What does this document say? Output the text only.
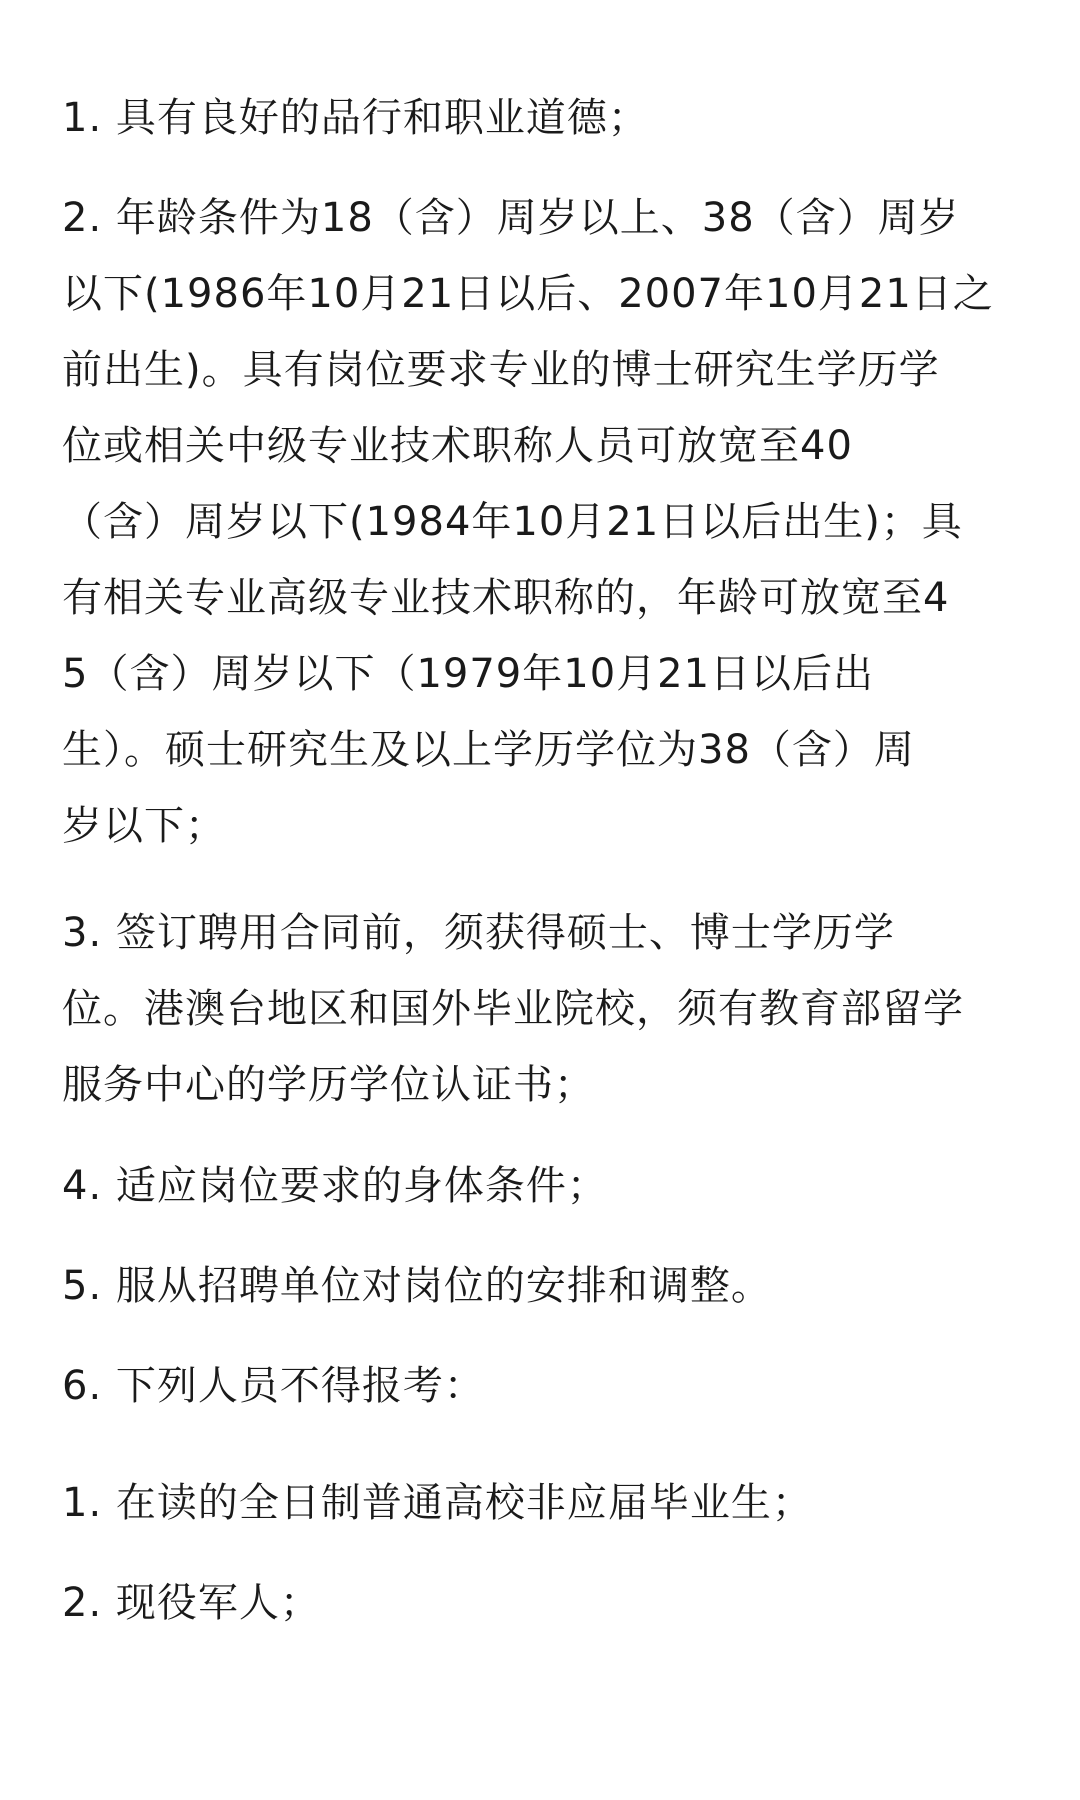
1. 具有良好的品行和职业道德；
2. 年龄条件为18（含）周岁以上、38（含）周岁
以下(1986年10月21日以后、2007年10月21日之
前出生)。具有岗位要求专业的博士研究生学历学
位或相关中级专业技术职称人员可放宽至40
（含）周岁以下(1984年10月21日以后出生)；具
有相关专业高级专业技术职称的，年龄可放宽至4
5（含）周岁以下（1979年10月21日以后出
生）。硕士研究生及以上学历学位为38（含）周
岁以下；
3. 签订聘用合同前，须获得硕士、博士学历学
位。港澳台地区和国外毕业院校，须有教育部留学
服务中心的学历学位认证书；
4. 适应岗位要求的身体条件；
5. 服从招聘单位对岗位的安排和调整。
6. 下列人员不得报考：
1. 在读的全日制普通高校非应届毕业生；
2. 现役军人；
